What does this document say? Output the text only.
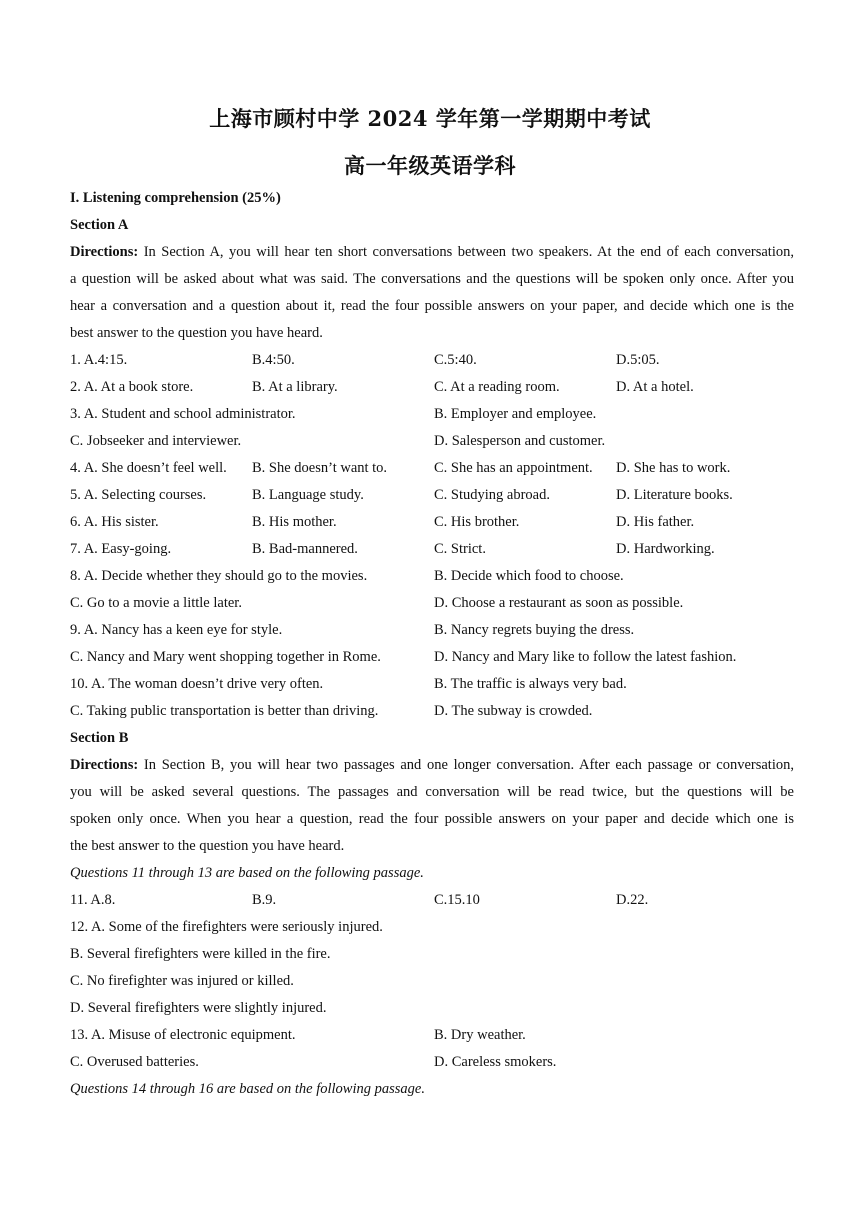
上海市顾村中学 2024 学年第一学期期中考试
高一年级英语学科
I. Listening comprehension (25%)
Section A
Directions: In Section A, you will hear ten short conversations between two speakers. At the end of each conversation,
a question will be asked about what was said. The conversations and the questions will be spoken only once. After you
hear a conversation and a question about it, read the four possible answers on your paper, and decide which one is the
best answer to the question you have heard.
1. A.4:15.	B.4:50.	C.5:40.	D.5:05.
2. A. At a book store.	B. At a library.	C. At a reading room.	D. At a hotel.
3. A. Student and school administrator.	B. Employer and employee.
C. Jobseeker and interviewer.	D. Salesperson and customer.
4. A. She doesn’t feel well. B. She doesn’t want to.	C. She has an appointment. D. She has to work.
5. A. Selecting courses.	B. Language study.	C. Studying abroad.	D. Literature books.
6. A. His sister.	B. His mother.	C. His brother.	D. His father.
7. A. Easy-going.	B. Bad-mannered.	C. Strict.	D. Hardworking.
8. A. Decide whether they should go to the movies.	B. Decide which food to choose.
C. Go to a movie a little later.	D. Choose a restaurant as soon as possible.
9. A. Nancy has a keen eye for style.	B. Nancy regrets buying the dress.
C. Nancy and Mary went shopping together in Rome.	D. Nancy and Mary like to follow the latest fashion.
10. A. The woman doesn’t drive very often.	B. The traffic is always very bad.
C. Taking public transportation is better than driving.	D. The subway is crowded.
Section B
Directions: In Section B, you will hear two passages and one longer conversation. After each passage or conversation,
you will be asked several questions. The passages and conversation will be read twice, but the questions will be
spoken only once. When you hear a question, read the four possible answers on your paper and decide which one is
the best answer to the question you have heard.
Questions 11 through 13 are based on the following passage.
11. A.8.	B.9.	C.15.10	D.22.
12. A. Some of the firefighters were seriously injured.
B. Several firefighters were killed in the fire.
C. No firefighter was injured or killed.
D. Several firefighters were slightly injured.
13. A. Misuse of electronic equipment.	B. Dry weather.
C. Overused batteries.	D. Careless smokers.
Questions 14 through 16 are based on the following passage.
